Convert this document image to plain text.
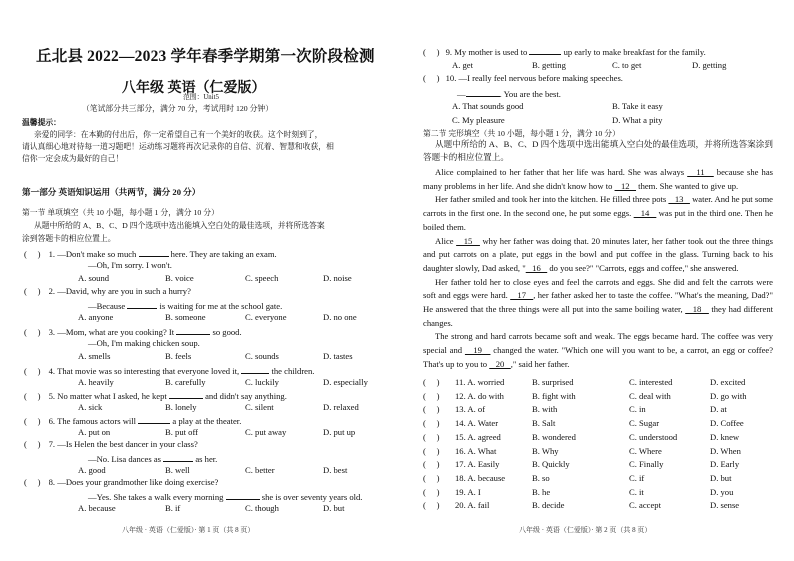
丘北县 2022—2023 学年春季学期第一次阶段检测
八年级 英语（仁爱版）
范围：Unit5
（笔试部分共三部分，满分 70 分，考试用时 120 分钟）
温馨提示：
亲爱的同学：在本勤的付出后，你一定希望自己有一个美好的收获。这个时刻到了，
请认真细心地对待每一道习题吧！运动练习题将再次记录你的自信、沉着、智慧和收获，相
信你一定会成为最好的自己！
第一部分 英语知识运用（共两节，满分 20 分）
第一节 单项填空（共 10 小题，每小题 1 分，满分 10 分）
从题中所给的 A、B、C、D 四个选项中选出能填入空白处的最佳选项，并将所选答案
涂到答题卡的相应位置上。
(     ) 1. —Don't make so much	here. They are taking an exam.
—Oh, I'm sorry. I won't.
A. sound	B. voice	C. speech	D. noise
(     ) 2. —David, why are you in such a hurry?
—Because	is waiting for me at the school gate.
A. anyone	B. someone	C. everyone	D. no one
(     ) 3. —Mom, what are you cooking? It	so good.
—Oh, I'm making chicken soup.
A. smells	B. feels	C. sounds	D. tastes
(     ) 4. That movie was so interesting that everyone loved it,	the children.
A. heavily	B. carefully	C. luckily	D. especially
(     ) 5. No matter what I asked, he kept	and didn't say anything.
A. sick	B. lonely	C. silent	D. relaxed
(     ) 6. The famous actors will	a play at the theater.
A. put on	B. put off	C. put away	D. put up
(     ) 7. —Is Helen the best dancer in your class?
—No. Lisa dances as	as her.
A. good	B. well	C. better	D. best
(     ) 8. —Does your grandmother like doing exercise?
—Yes. She takes a walk every morning	she is over seventy years old.
A. because	B. if	C. though	D. but
八年级 · 英语（仁爱版）· 第 1 页（共 8 页）
(     ) 9. My mother is used to	up early to make breakfast for the family.
A. get	B. getting	C. to get	D. getting
(     ) 10. —I really feel nervous before making speeches.
—	. You are the best.
A. That sounds good	B. Take it easy
C. My pleasure	D. What a pity
第二节 完形填空（共 10 小题，每小题 1 分，满分 10 分）
从题中所给的 A、B、C、D 四个选项中选出能填入空白处的最佳选项，并将所选答案涂到答题卡的相应位置上。
Alice complained to her father that her life was hard. She was always    11    because she has many problems in her life. And she didn't know how to    12    them. She wanted to give up.
Her father smiled and took her into the kitchen. He filled three pots    13    water. And he put some carrots in the first one. In the second one, he put some eggs.    14    was put in the third one. Then he boiled them.
Alice    15    why her father was doing that. 20 minutes later, her father took out the three things and put carrots on a plate, put eggs in the bowl and put coffee in the glass. Turning back to his daughter slowly, Dad asked, "   16    do you see?" "Carrots, eggs and coffee," she answered.
Her father told her to close eyes and feel the carrots and eggs. She did and felt the carrots were soft and eggs were hard.    17   , her father asked her to taste the coffee. "What's the meaning, Dad?" He answered that the three things were all put into the same boiling water,    18    they had different changes.
The strong and hard carrots became soft and weak. The eggs became hard. The coffee was very special and    19    changed the water. "Which one will you want to be, a carrot, an egg or coffee? That's up to you to    20   ," said her father.
(     ) 11. A. worried	B. surprised	C. interested	D. excited
(     ) 12. A. do with	B. fight with	C. deal with	D. go with
(     ) 13. A. of	B. with	C. in	D. at
(     ) 14. A. Water	B. Salt	C. Sugar	D. Coffee
(     ) 15. A. agreed	B. wondered	C. understood	D. knew
(     ) 16. A. What	B. Why	C. Where	D. When
(     ) 17. A. Easily	B. Quickly	C. Finally	D. Early
(     ) 18. A. because	B. so	C. if	D. but
(     ) 19. A. I	B. he	C. it	D. you
(     ) 20. A. fail	B. decide	C. accept	D. sense
八年级 · 英语（仁爱版）· 第 2 页（共 8 页）
